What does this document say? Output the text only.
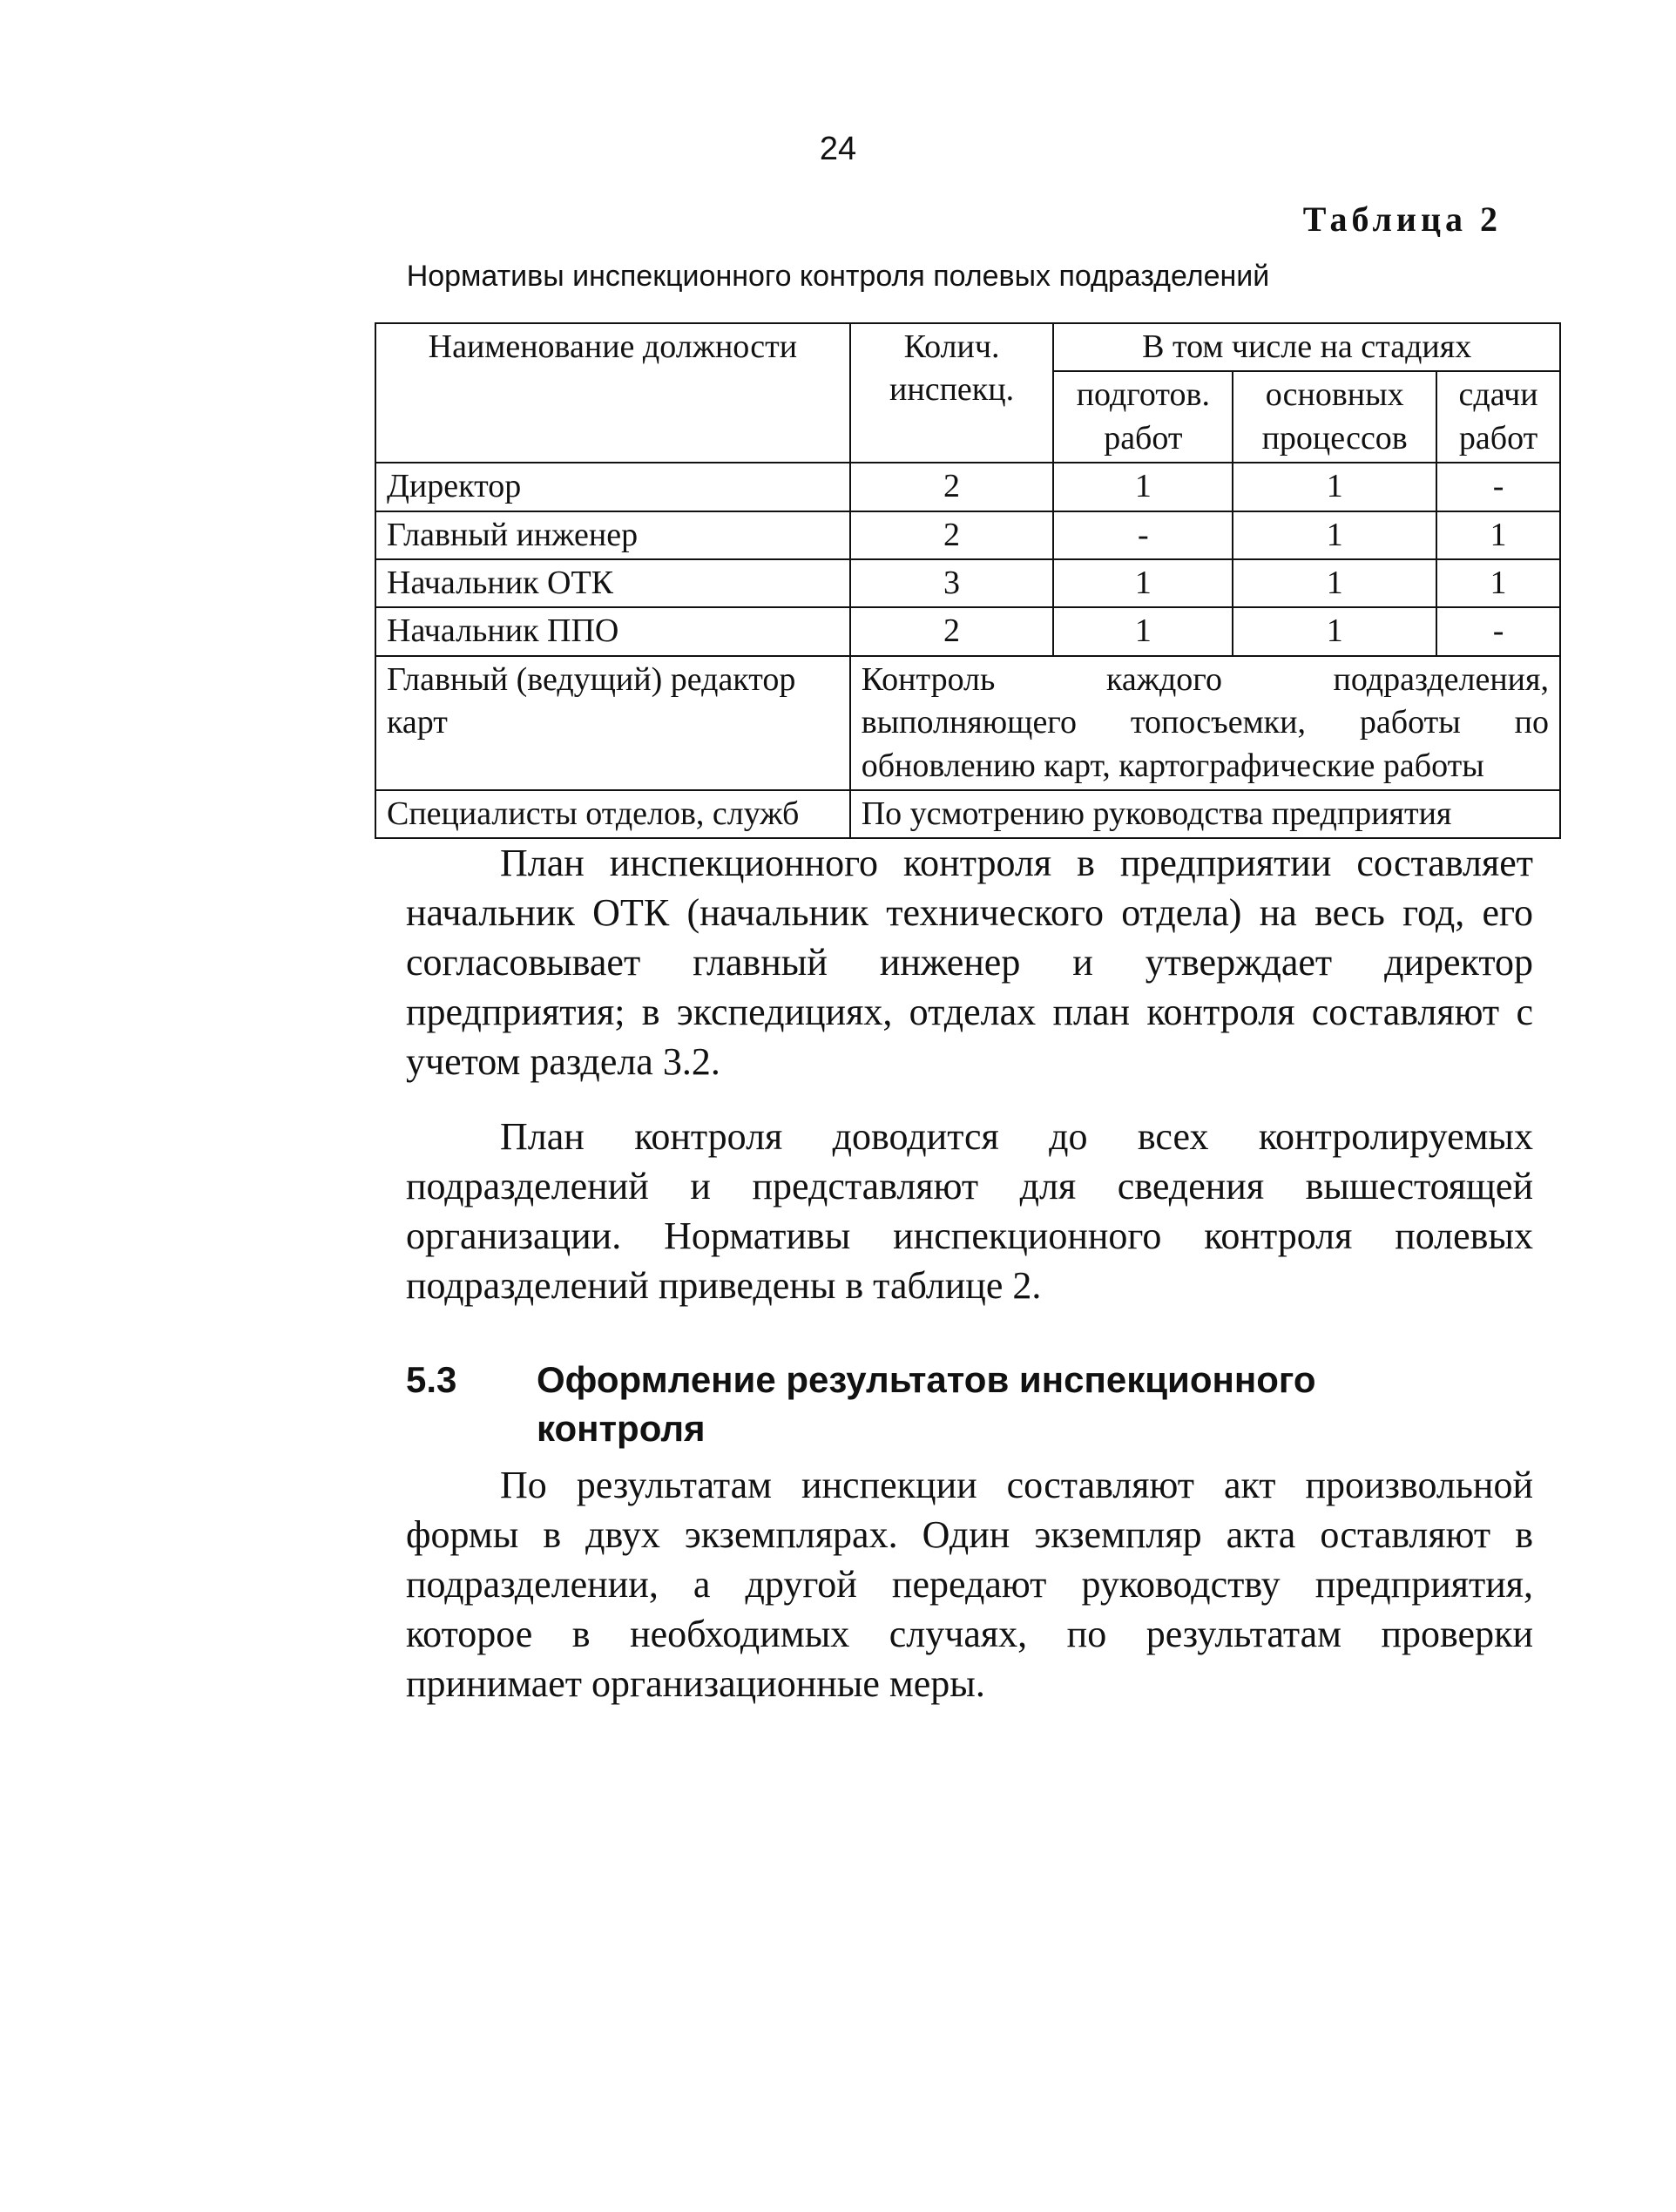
24
Таблица 2
Нормативы инспекционного контроля полевых подразделений
Наименование должности	Колич. инспекц.	В том числе на стадиях		
		подготов. работ	основных процессов	сдачи работ
Директор	2	1	1	-
Главный инженер	2	-	1	1
Начальник ОТК	3	1	1	1
Начальник ППО	2	1	1	-
Главный (ведущий) редактор карт	Контроль каждого подразделения, выполняющего топосъемки, работы по обновлению карт, картографические работы			
Специалисты отделов, служб	По усмотрению руководства предприятия			

План инспекционного контроля в предприятии составляет начальник ОТК (начальник технического отдела) на весь год, его согласовывает главный инженер и утверждает директор предприятия; в экспедициях, отделах план контроля составляют с учетом раздела 3.2.

План контроля доводится до всех контролируемых подразделений и представляют для сведения вышестоящей организации. Нормативы инспекционного контроля полевых подразделений приведены в таблице 2.

5.3 Оформление результатов инспекционного контроля

По результатам инспекции составляют акт произвольной формы в двух экземплярах. Один экземпляр акта оставляют в подразделении, а другой передают руководству предприятия, которое в необходимых случаях, по результатам проверки принимает организационные меры.
